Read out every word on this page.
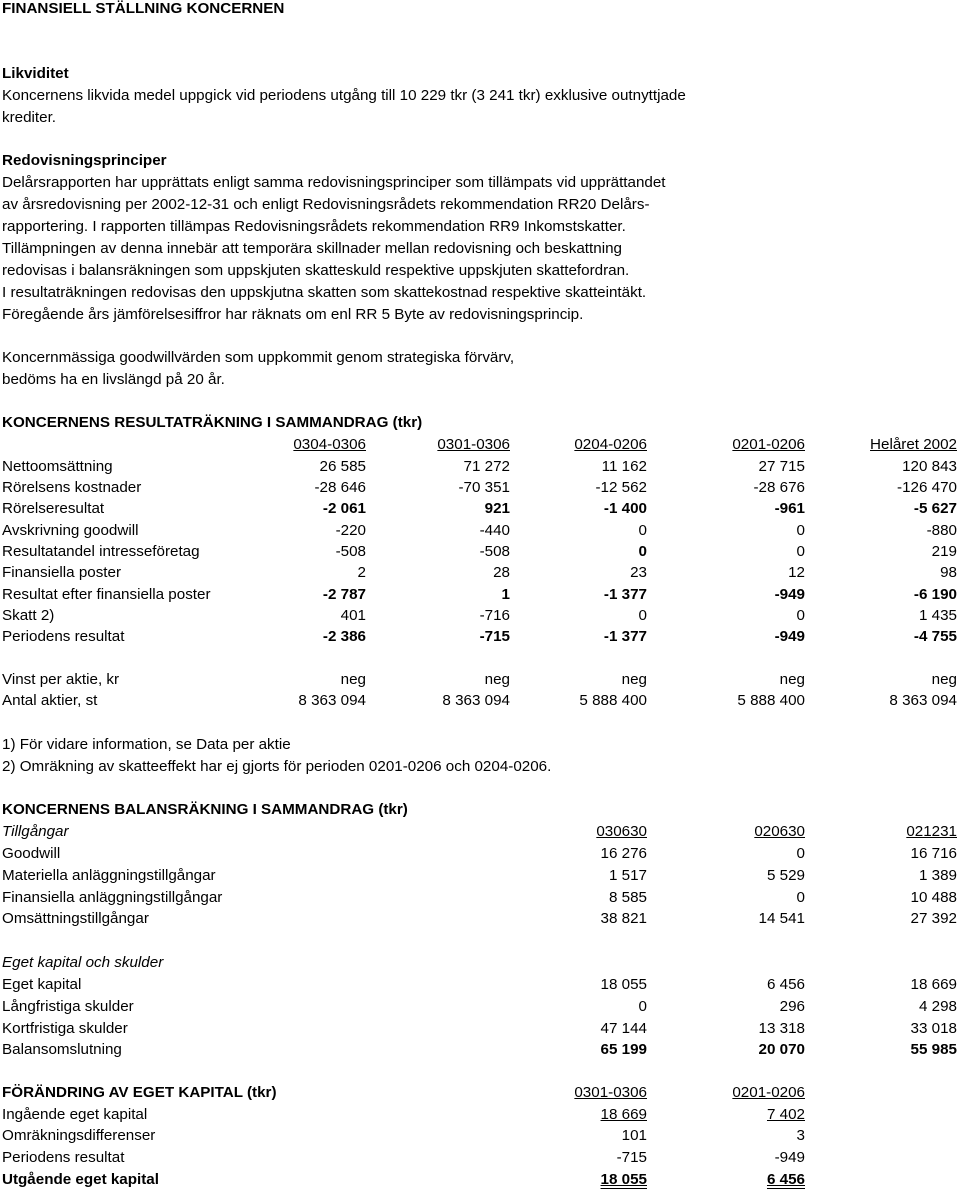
FINANSIELL STÄLLNING KONCERNEN
Likviditet
Koncernens likvida medel uppgick vid periodens utgång till 10 229 tkr (3 241 tkr) exklusive outnyttjade
krediter.
Redovisningsprinciper
Delårsrapporten har upprättats enligt samma redovisningsprinciper som tillämpats vid upprättandet
av årsredovisning per 2002-12-31 och enligt Redovisningsrådets rekommendation RR20 Delårs-
rapportering. I rapporten tillämpas Redovisningsrådets rekommendation RR9 Inkomstskatter.
Tillämpningen av denna innebär att temporära skillnader mellan redovisning och beskattning
redovisas i balansräkningen som uppskjuten skatteskuld respektive uppskjuten skattefordran.
I resultaträkningen redovisas den uppskjutna skatten som skattekostnad respektive skatteintäkt.
Föregående års jämförelsesiffror har räknats om enl RR 5 Byte av redovisningsprincip.
Koncernmässiga goodwillvärden som uppkommit genom strategiska förvärv,
bedöms ha en livslängd på 20 år.
KONCERNENS RESULTATRÄKNING I SAMMANDRAG (tkr)
0304-0306	0301-0306	0204-0206	0201-0206	Helåret 2002
Nettoomsättning	26 585	71 272	11 162	27 715	120 843
Rörelsens kostnader	-28 646	-70 351	-12 562	-28 676	-126 470
Rörelseresultat	-2 061	921	-1 400	-961	-5 627
Avskrivning goodwill	-220	-440	0	0	-880
Resultatandel intresseföretag	-508	-508	0	0	219
Finansiella poster	2	28	23	12	98
Resultat efter finansiella poster	-2 787	1	-1 377	-949	-6 190
Skatt 2)	401	-716	0	0	1 435
Periodens resultat	-2 386	-715	-1 377	-949	-4 755
Vinst per aktie, kr	neg	neg	neg	neg	neg
Antal aktier, st	8 363 094	8 363 094	5 888 400	5 888 400	8 363 094
1) För vidare information, se Data per aktie
2) Omräkning av skatteeffekt har ej gjorts för perioden 0201-0206 och 0204-0206.
KONCERNENS BALANSRÄKNING I SAMMANDRAG (tkr)
Tillgångar	030630	020630	021231
Goodwill	16 276	0	16 716
Materiella anläggningstillgångar	1 517	5 529	1 389
Finansiella anläggningstillgångar	8 585	0	10 488
Omsättningstillgångar	38 821	14 541	27 392
Eget kapital och skulder
Eget kapital	18 055	6 456	18 669
Långfristiga skulder	0	296	4 298
Kortfristiga skulder	47 144	13 318	33 018
Balansomslutning	65 199	20 070	55 985
FÖRÄNDRING AV EGET KAPITAL (tkr)	0301-0306	0201-0206
Ingående eget kapital	18 669	7 402
Omräkningsdifferenser	101	3
Periodens resultat	-715	-949
Utgående eget kapital	18 055	6 456
